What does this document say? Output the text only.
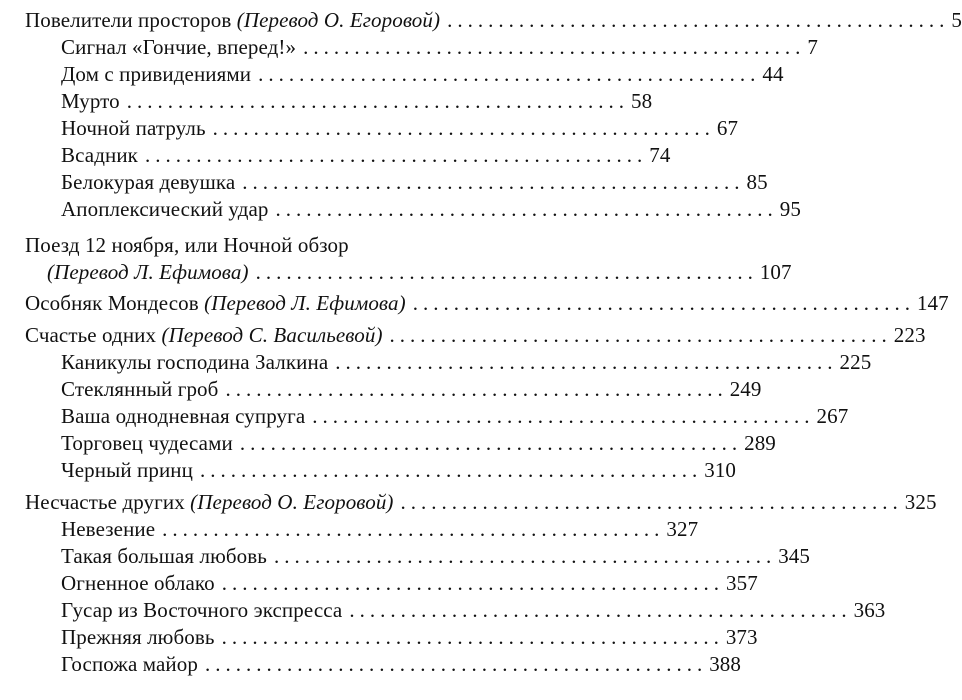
Повелители просторов (Перевод О. Егоровой) ................................................. 5
Сигнал «Гончие, вперед!» ................................................. 7
Дом с привидениями ................................................. 44
Мурто ................................................. 58
Ночной патруль ................................................. 67
Всадник ................................................. 74
Белокурая девушка ................................................. 85
Апоплексический удар ................................................. 95
Поезд 12 ноября, или Ночной обзор
(Перевод Л. Ефимова) ................................................. 107
Особняк Мондесов (Перевод Л. Ефимова) ................................................. 147
Счастье одних (Перевод С. Васильевой) ................................................. 223
Каникулы господина Залкина ................................................. 225
Стеклянный гроб ................................................. 249
Ваша однодневная супруга ................................................. 267
Торговец чудесами ................................................. 289
Черный принц ................................................. 310
Несчастье других (Перевод О. Егоровой) ................................................. 325
Невезение ................................................. 327
Такая большая любовь ................................................. 345
Огненное облако ................................................. 357
Гусар из Восточного экспресса ................................................. 363
Прежняя любовь ................................................. 373
Госпожа майор ................................................. 388
